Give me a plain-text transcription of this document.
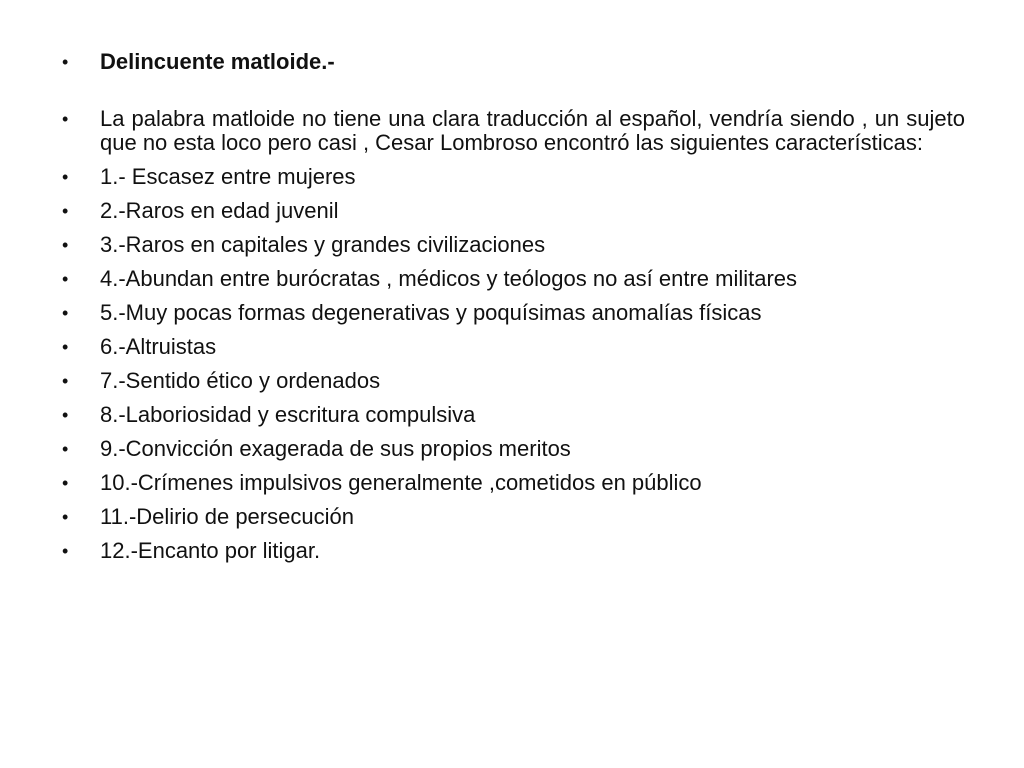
•	Delincuente matloide.-
•	La palabra matloide no tiene una clara traducción al español, vendría siendo , un sujeto que no esta loco pero casi , Cesar Lombroso encontró las siguientes características:
•	1.- Escasez entre mujeres
•	2.-Raros en edad juvenil
•	3.-Raros en capitales y grandes civilizaciones
•	4.-Abundan entre burócratas , médicos y teólogos no así entre militares
•	5.-Muy pocas formas degenerativas y poquísimas anomalías físicas
•	6.-Altruistas
•	7.-Sentido ético y ordenados
•	8.-Laboriosidad y escritura compulsiva
•	9.-Convicción exagerada de sus propios meritos
•	10.-Crímenes impulsivos generalmente ,cometidos en público
•	11.-Delirio de persecución
•	12.-Encanto por litigar.
